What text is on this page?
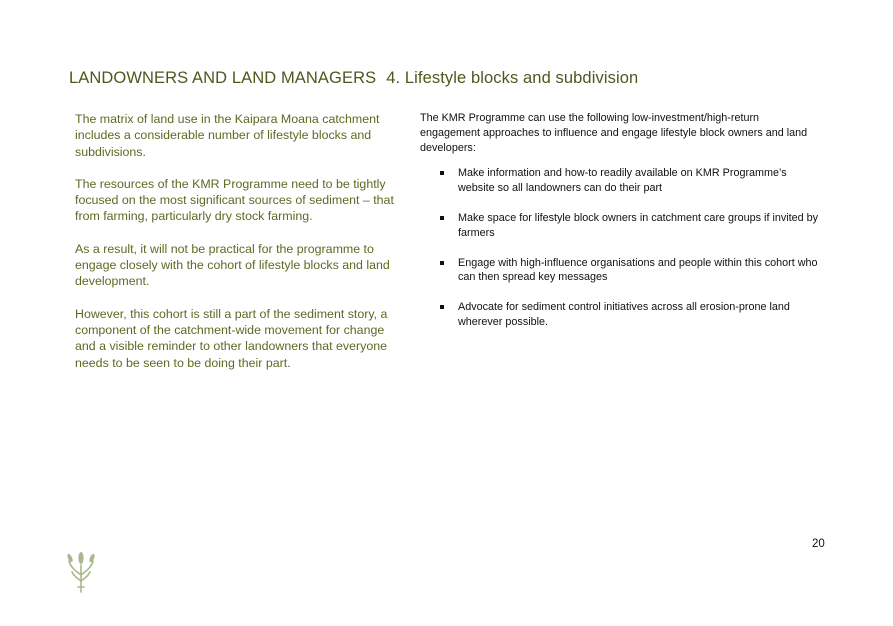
LANDOWNERS AND LAND MANAGERS 4. Lifestyle blocks and subdivision

The matrix of land use in the Kaipara Moana catchment includes a considerable number of lifestyle blocks and subdivisions.

The resources of the KMR Programme need to be tightly focused on the most significant sources of sediment – that from farming, particularly dry stock farming.

As a result, it will not be practical for the programme to engage closely with the cohort of lifestyle blocks and land development.

However, this cohort is still a part of the sediment story, a component of the catchment-wide movement for change and a visible reminder to other landowners that everyone needs to be seen to be doing their part.

The KMR Programme can use the following low-investment/high-return engagement approaches to influence and engage lifestyle block owners and land developers:

Make information and how-to readily available on KMR Programme’s website so all landowners can do their part
Make space for lifestyle block owners in catchment care groups if invited by farmers
Engage with high-influence organisations and people within this cohort who can then spread key messages
Advocate for sediment control initiatives across all erosion-prone land wherever possible.
20
